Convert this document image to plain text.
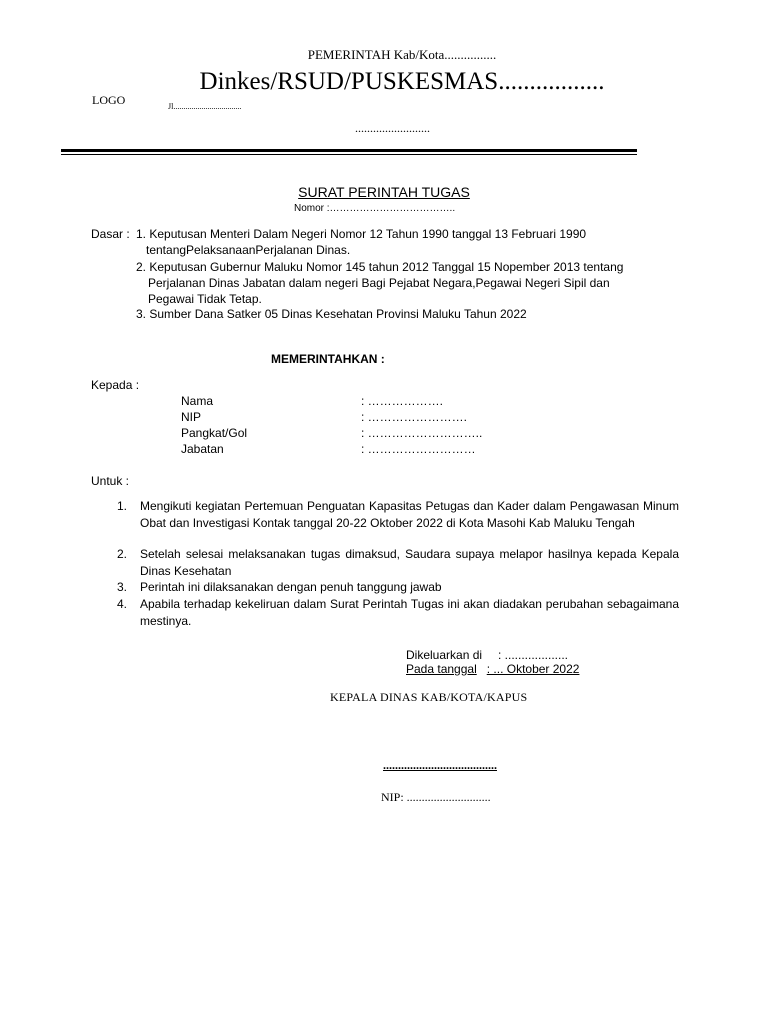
PEMERINTAH Kab/Kota................
Dinkes/RSUD/PUSKESMAS.................
LOGO	Jl..................................
.........................
SURAT PERINTAH TUGAS
Nomor :………………………………..
Dasar : 1. Keputusan Menteri Dalam Negeri Nomor 12 Tahun 1990 tanggal 13 Februari 1990
tentangPelaksanaanPerjalanan Dinas.
2. Keputusan Gubernur Maluku Nomor 145 tahun 2012 Tanggal 15 Nopember 2013 tentang
Perjalanan Dinas Jabatan dalam negeri Bagi Pejabat Negara,Pegawai Negeri Sipil dan
Pegawai Tidak Tetap.
3. Sumber Dana Satker 05 Dinas Kesehatan Provinsi Maluku Tahun 2022
MEMERINTAHKAN :
Kepada :
Nama	: ……………….
NIP	: …………………….
Pangkat/Gol	: ………………………..
Jabatan	: ………………………
Untuk :
1.	Mengikuti kegiatan Pertemuan Penguatan Kapasitas Petugas dan Kader dalam Pengawasan Minum Obat dan Investigasi Kontak tanggal 20-22 Oktober 2022 di Kota Masohi Kab Maluku Tengah
2.	Setelah selesai melaksanakan tugas dimaksud, Saudara supaya melapor hasilnya kepada Kepala Dinas Kesehatan
3.	Perintah ini dilaksanakan dengan penuh tanggung jawab
4.	Apabila terhadap kekeliruan dalam Surat Perintah Tugas ini akan diadakan perubahan sebagaimana mestinya.
Dikeluarkan di : ...................
Pada tanggal : ... Oktober 2022
KEPALA DINAS KAB/KOTA/KAPUS
......................................
NIP: ............................
